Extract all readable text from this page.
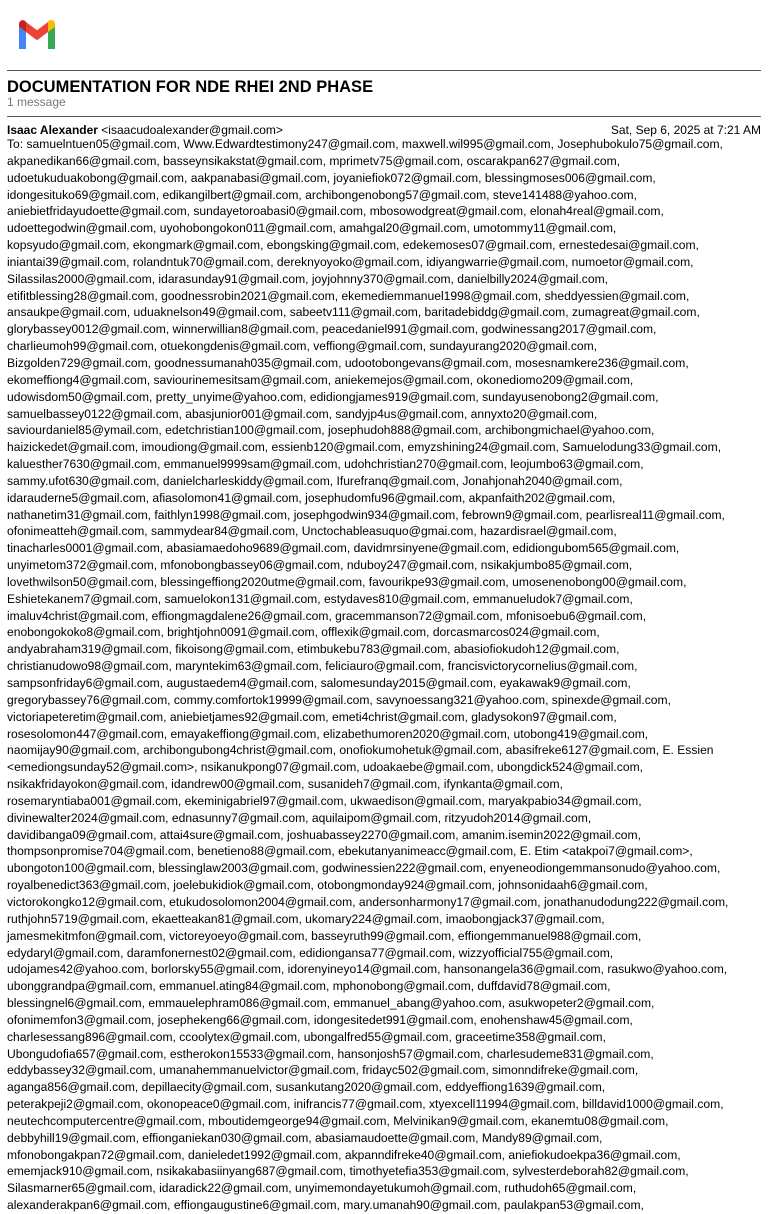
DOCUMENTATION FOR NDE RHEI 2ND PHASE
1 message
Isaac Alexander <isaacudoalexander@gmail.com>	Sat, Sep 6, 2025 at 7:21 AM
To: samuelntuen05@gmail.com, Www.Edwardtestimony247@gmail.com, maxwell.wil995@gmail.com, Josephubokulo75@gmail.com,
akpanedikan66@gmail.com, basseynsikakstat@gmail.com, mprimetv75@gmail.com, oscarakpan627@gmail.com,
udoetukuduakobong@gmail.com, aakpanabasi@gmail.com, joyaniefiok072@gmail.com, blessingmoses006@gmail.com,
idongesituko69@gmail.com, edikangilbert@gmail.com, archibongenobong57@gmail.com, steve141488@yahoo.com,
aniebietfridayudoette@gmail.com, sundayetoroabasi0@gmail.com, mbosowodgreat@gmail.com, elonah4real@gmail.com,
udoettegodwin@gmail.com, uyohobongokon011@gmail.com, amahgal20@gmail.com, umotommy11@gmail.com,
kopsyudo@gmail.com, ekongmark@gmail.com, ebongsking@gmail.com, edekemoses07@gmail.com, ernestedesai@gmail.com,
iniantai39@gmail.com, rolandntuk70@gmail.com, dereknyoyoko@gmail.com, idiyangwarrie@gmail.com, numoetor@gmail.com,
Silassilas2000@gmail.com, idarasunday91@gmail.com, joyjohnny370@gmail.com, danielbilly2024@gmail.com,
etifitblessing28@gmail.com, goodnessrobin2021@gmail.com, ekemediemmanuel1998@gmail.com, sheddyessien@gmail.com,
ansaukpe@gmail.com, uduaknelson49@gmail.com, sabeetv111@gmail.com, baritadebiddg@gmail.com, zumagreat@gmail.com,
glorybassey0012@gmail.com, winnerwillian8@gmail.com, peacedaniel991@gmail.com, godwinessang2017@gmail.com,
charlieumoh99@gmail.com, otuekongdenis@gmail.com, veffiong@gmail.com, sundayurang2020@gmail.com,
Bizgolden729@gmail.com, goodnessumanah035@gmail.com, udootobongevans@gmail.com, mosesnamkere236@gmail.com,
ekomeffiong4@gmail.com, saviourinemesitsam@gmail.com, aniekemejos@gmail.com, okonediomo209@gmail.com,
udowisdom50@gmail.com, pretty_unyime@yahoo.com, edidiongjames919@gmail.com, sundayusenobong2@gmail.com,
samuelbassey0122@gmail.com, abasjunior001@gmail.com, sandyjp4us@gmail.com, annyxto20@gmail.com,
saviourdaniel85@ymail.com, edetchristian100@gmail.com, josephudoh888@gmail.com, archibongmichael@yahoo.com,
haizickedet@gmail.com, imoudiong@gmail.com, essienb120@gmail.com, emyzshining24@gmail.com, Samuelodung33@gmail.com,
kaluesther7630@gmail.com, emmanuel9999sam@gmail.com, udohchristian270@gmail.com, leojumbo63@gmail.com,
sammy.ufot630@gmail.com, danielcharleskiddy@gmail.com, Ifurefranq@gmail.com, Jonahjonah2040@gmail.com,
idarauderne5@gmail.com, afiasolomon41@gmail.com, josephudomfu96@gmail.com, akpanfaith202@gmail.com,
nathanetim31@gmail.com, faithlyn1998@gmail.com, josephgodwin934@gmail.com, febrown9@gmail.com, pearlisreal11@gmail.com,
ofonimeatteh@gmail.com, sammydear84@gmail.com, Unctochableasuquo@gmai.com, hazardisrael@gmail.com,
tinacharles0001@gmail.com, abasiamaedoho9689@gmail.com, davidmrsinyene@gmail.com, edidiongubom565@gmail.com,
unyimetom372@gmail.com, mfonobongbassey06@gmail.com, nduboy247@gmail.com, nsikakjumbo85@gmail.com,
lovethwilson50@gmail.com, blessingeffiong2020utme@gmail.com, favourikpe93@gmail.com, umosenenobong00@gmail.com,
Eshietekanem7@gmail.com, samuelokon131@gmail.com, estydaves810@gmail.com, emmanueludok7@gmail.com,
imaluv4christ@gmail.com, effiongmagdalene26@gmail.com, gracemmanson72@gmail.com, mfonisoebu6@gmail.com,
enobongokoko8@gmail.com, brightjohn0091@gmail.com, offlexik@gmail.com, dorcasmarcos024@gmail.com,
andyabraham319@gmail.com, fikoisong@gmail.com, etimbukebu783@gmail.com, abasiofiokudoh12@gmail.com,
christianudowo98@gmail.com, maryntekim63@gmail.com, feliciauro@gmail.com, francisvictorycornelius@gmail.com,
sampsonfriday6@gmail.com, augustaedem4@gmail.com, salomesunday2015@gmail.com, eyakawak9@gmail.com,
gregorybassey76@gmail.com, commy.comfortok19999@gmail.com, savynoessang321@yahoo.com, spinexde@gmail.com,
victoriapeteretim@gmail.com, aniebietjames92@gmail.com, emeti4christ@gmail.com, gladysokon97@gmail.com,
rosesolomon447@gmail.com, emayakeffiong@gmail.com, elizabethumoren2020@gmail.com, utobong419@gmail.com,
naomijay90@gmail.com, archibongubong4christ@gmail.com, onofiokumohetuk@gmail.com, abasifreke6127@gmail.com, E. Essien
<emediongsunday52@gmail.com>, nsikanukpong07@gmail.com, udoakaebe@gmail.com, ubongdick524@gmail.com,
nsikakfridayokon@gmail.com, idandrew00@gmail.com, susanideh7@gmail.com, ifynkanta@gmail.com,
rosemaryntiaba001@gmail.com, ekeminigabriel97@gmail.com, ukwaedison@gmail.com, maryakpabio34@gmail.com,
divinewalter2024@gmail.com, ednasunny7@gmail.com, aquilaipom@gmail.com, ritzyudoh2014@gmail.com,
davidibanga09@gmail.com, attai4sure@gmail.com, joshuabassey2270@gmail.com, amanim.isemin2022@gmail.com,
thompsonpromise704@gmail.com, benetieno88@gmail.com, ebekutanyanimeacc@gmail.com, E. Etim <atakpoi7@gmail.com>,
ubongoton100@gmail.com, blessinglaw2003@gmail.com, godwinessien222@gmail.com, enyeneodiongemmansonudo@yahoo.com,
royalbenedict363@gmail.com, joelebukidiok@gmail.com, otobongmonday924@gmail.com, johnsonidaah6@gmail.com,
victorokongko12@gmail.com, etukudosolomon2004@gmail.com, andersonharmony17@gmail.com, jonathanudodung222@gmail.com,
ruthjohn5719@gmail.com, ekaetteakan81@gmail.com, ukomary224@gmail.com, imaobongjack37@gmail.com,
jamesmekitmfon@gmail.com, victoreyoeyo@gmail.com, basseyruth99@gmail.com, effiongemmanuel988@gmail.com,
edydaryl@gmail.com, daramfonernest02@gmail.com, edidiongansa77@gmail.com, wizzyofficial755@gmail.com,
udojames42@yahoo.com, borlorsky55@gmail.com, idorenyineyo14@gmail.com, hansonangela36@gmail.com, rasukwo@yahoo.com,
ubonggrandpa@gmail.com, emmanuel.ating84@gmail.com, mphonobong@gmail.com, duffdavid78@gmail.com,
blessingnel6@gmail.com, emmauelephram086@gmail.com, emmanuel_abang@yahoo.com, asukwopeter2@gmail.com,
ofonimemfon3@gmail.com, josephekeng66@gmail.com, idongesitedet991@gmail.com, enohenshaw45@gmail.com,
charlesessang896@gmail.com, ccoolytex@gmail.com, ubongalfred55@gmail.com, graceetime358@gmail.com,
Ubongudofia657@gmail.com, estherokon15533@gmail.com, hansonjosh57@gmail.com, charlesudeme831@gmail.com,
eddybassey32@gmail.com, umanahemmanuelvictor@gmail.com, fridayc502@gmail.com, simonndifreke@gmail.com,
aganga856@gmail.com, depillaecity@gmail.com, susankutang2020@gmail.com, eddyeffiong1639@gmail.com,
peterakpeji2@gmail.com, okonopeace0@gmail.com, inifrancis77@gmail.com, xtyexcell11994@gmail.com, billdavid1000@gmail.com,
neutechcomputercentre@gmail.com, mboutidemgeorge94@gmail.com, Melvinikan9@gmail.com, ekanemtu08@gmail.com,
debbyhill19@gmail.com, effionganiekan030@gmail.com, abasiamaudoette@gmail.com, Mandy89@gmail.com,
mfonobongakpan72@gmail.com, danieledet1992@gmail.com, akpanndifreke40@gmail.com, aniefiokudoekpa36@gmail.com,
ememjack910@gmail.com, nsikakabasiinyang687@gmail.com, timothyetefia353@gmail.com, sylvesterdeborah82@gmail.com,
Silasmarner65@gmail.com, idaradick22@gmail.com, unyimemondayetukumoh@gmail.com, ruthudoh65@gmail.com,
alexanderakpan6@gmail.com, effiongaugustine6@gmail.com, mary.umanah90@gmail.com, paulakpan53@gmail.com,
